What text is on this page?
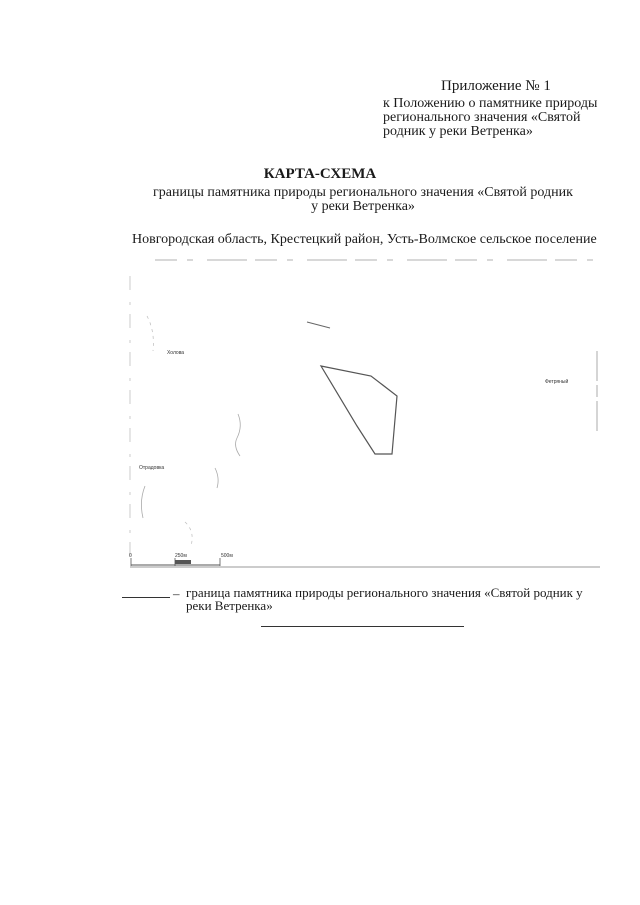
Приложение № 1
к Положению о памятнике природы регионального значения «Святой родник у реки Ветренка»
КАРТА-СХЕМА
границы памятника природы регионального значения «Святой родник у реки Ветренка»
Новгородская область, Крестецкий район, Усть-Волмское сельское поселение
Холова
Фетряный
Отрадовка
0	250м	500м
– граница памятника природы регионального значения «Святой родник у реки Ветренка»
